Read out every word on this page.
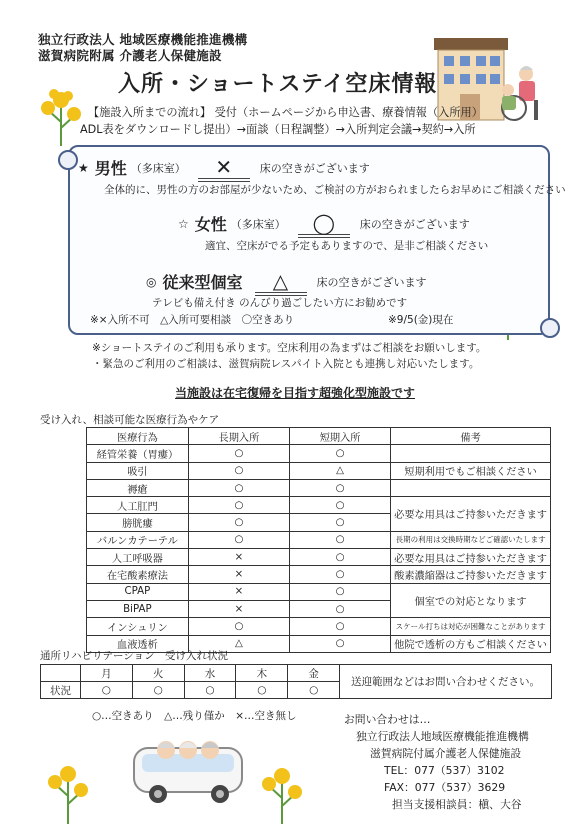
独立行政法人 地域医療機能推進機構
滋賀病院附属 介護老人保健施設
入所・ショートステイ空床情報
【施設入所までの流れ】 受付（ホームページから申込書、療養情報（入所用）
ADL表をダウンロードし提出）→面談（日程調整）→入所判定会議→契約→入所
★ 男性 （多床室）	✕	床の空きがございます
全体的に、男性の方のお部屋が少ないため、ご検討の方がおられましたらお早めにご相談ください
☆ 女性 （多床室）	◯	床の空きがございます
適宜、空床がでる予定もありますので、是非ご相談ください
◎ 従来型個室	△	床の空きがございます
テレビも備え付き のんびり過ごしたい方にお勧めです
※×入所不可　△入所可要相談　〇空きあり	※9/5(金)現在
※ショートステイのご利用も承ります。空床利用の為まずはご相談をお願いします。
・緊急のご利用のご相談は、滋賀病院レスパイト入院とも連携し対応いたします。
当施設は在宅復帰を目指す超強化型施設です
受け入れ、相談可能な医療行為やケア
医療行為	長期入所	短期入所	備考
経管栄養（胃瘻）	○	○	
吸引	○	△	短期利用でもご相談ください
褥瘡	○	○	
人工肛門	○	○	必要な用具はご持参いただきます
膀胱瘻	○	○	
バルンカテーテル	○	○	長期の利用は交換時期などご確認いたします
人工呼吸器	×	○	必要な用具はご持参いただきます
在宅酸素療法	×	○	酸素濃縮器はご持参いただきます
CPAP	×	○	個室での対応となります
BiPAP	×	○	
インシュリン	○	○	スケール打ちは対応が困難なことがあります
血液透析	△	○	他院で透析の方もご相談ください
通所リハビリテーション　受け入れ状況
	月	火	水	木	金	送迎範囲などはお問い合わせください。
状況	○	○	○	○	○	
○…空きあり　△…残り僅か　×…空き無し	お問い合わせは…
独立行政法人地域医療機能推進機構
滋賀病院付属介護老人保健施設
TEL：077（537）3102
FAX：077（537）3629
担当支援相談員：槇、大谷
